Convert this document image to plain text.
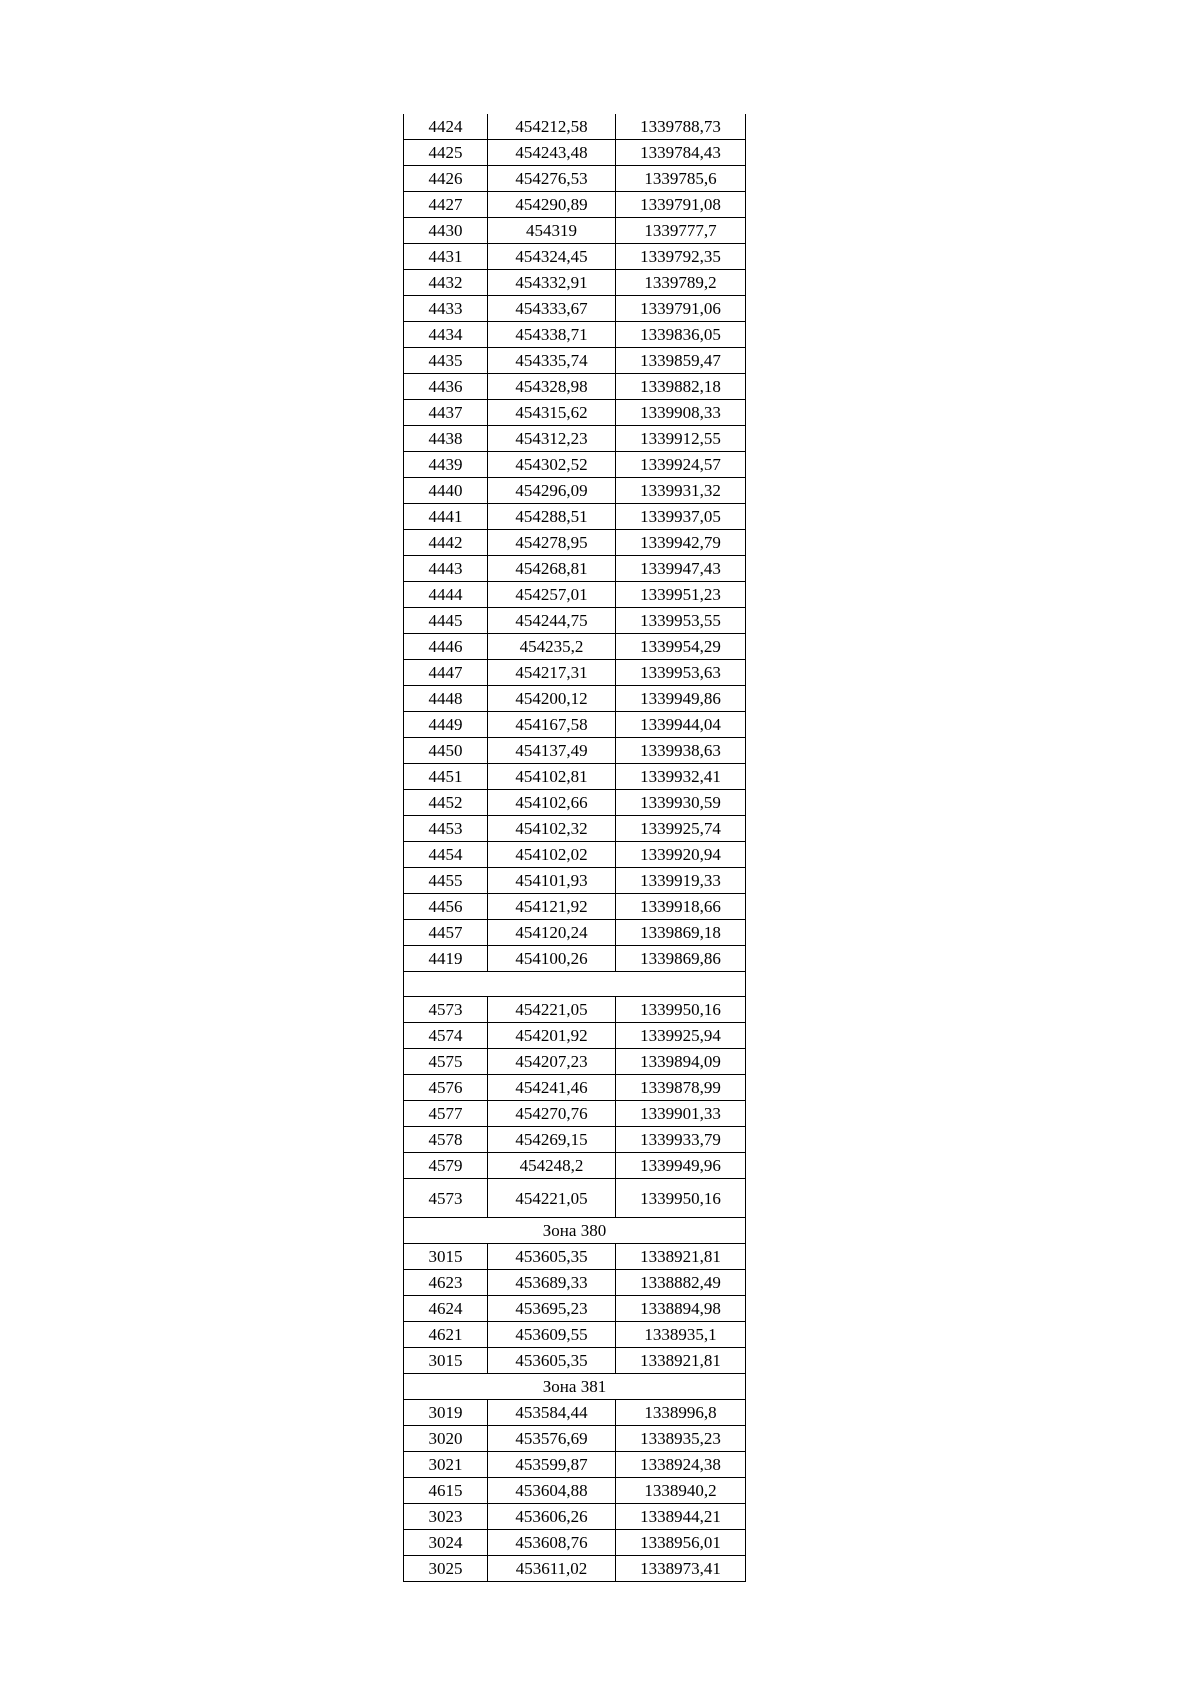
4424	454212,58	1339788,73
4425	454243,48	1339784,43
4426	454276,53	1339785,6
4427	454290,89	1339791,08
4430	454319	1339777,7
4431	454324,45	1339792,35
4432	454332,91	1339789,2
4433	454333,67	1339791,06
4434	454338,71	1339836,05
4435	454335,74	1339859,47
4436	454328,98	1339882,18
4437	454315,62	1339908,33
4438	454312,23	1339912,55
4439	454302,52	1339924,57
4440	454296,09	1339931,32
4441	454288,51	1339937,05
4442	454278,95	1339942,79
4443	454268,81	1339947,43
4444	454257,01	1339951,23
4445	454244,75	1339953,55
4446	454235,2	1339954,29
4447	454217,31	1339953,63
4448	454200,12	1339949,86
4449	454167,58	1339944,04
4450	454137,49	1339938,63
4451	454102,81	1339932,41
4452	454102,66	1339930,59
4453	454102,32	1339925,74
4454	454102,02	1339920,94
4455	454101,93	1339919,33
4456	454121,92	1339918,66
4457	454120,24	1339869,18
4419	454100,26	1339869,86

4573	454221,05	1339950,16
4574	454201,92	1339925,94
4575	454207,23	1339894,09
4576	454241,46	1339878,99
4577	454270,76	1339901,33
4578	454269,15	1339933,79
4579	454248,2	1339949,96
4573	454221,05	1339950,16
Зона 380		
3015	453605,35	1338921,81
4623	453689,33	1338882,49
4624	453695,23	1338894,98
4621	453609,55	1338935,1
3015	453605,35	1338921,81
Зона 381		
3019	453584,44	1338996,8
3020	453576,69	1338935,23
3021	453599,87	1338924,38
4615	453604,88	1338940,2
3023	453606,26	1338944,21
3024	453608,76	1338956,01
3025	453611,02	1338973,41
